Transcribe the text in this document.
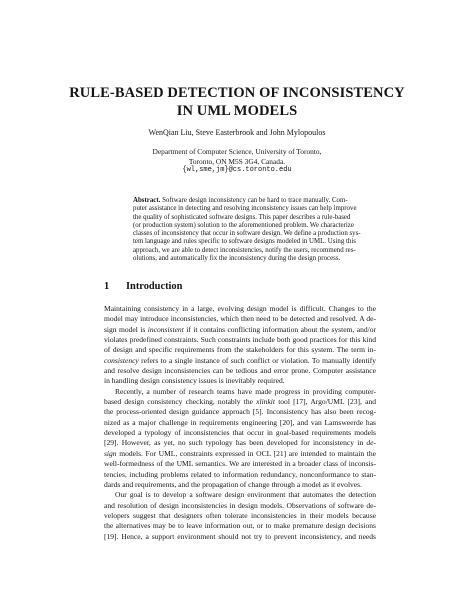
RULE-BASED DETECTION OF INCONSISTENCY
IN UML MODELS
WenQian Liu, Steve Easterbrook and John Mylopoulos
Department of Computer Science, University of Toronto,
Toronto, ON M5S 3G4, Canada.
{wl,sme,jm}@cs.toronto.edu
Abstract. Software design inconsistency can be hard to trace manually. Com-
puter assistance in detecting and resolving inconsistency issues can help improve
the quality of sophisticated software designs. This paper describes a rule-based
(or production system) solution to the aforementioned problem. We characterize
classes of inconsistency that occur in software design. We define a production sys-
tem language and rules specific to software designs modeled in UML. Using this
approach, we are able to detect inconsistencies, notify the users, recommend res-
olutions, and automatically fix the inconsistency during the design process.
1 Introduction
Maintaining consistency in a large, evolving design model is difficult. Changes to the
model may introduce inconsistencies, which then need to be detected and resolved. A de-
sign model is inconsistent if it contains conflicting information about the system, and/or
violates predefined constraints. Such constraints include both good practices for this kind
of design and specific requirements from the stakeholders for this system. The term in-
consistency refers to a single instance of such conflict or violation. To manually identify
and resolve design inconsistencies can be tedious and error prone. Computer assistance
in handling design consistency issues is inevitably required.
Recently, a number of research teams have made progress in providing computer-
based design consistency checking, notably the xlinkit tool [17], Argo/UML [23], and
the process-oriented design guidance approach [5]. Inconsistency has also been recog-
nized as a major challenge in requirements engineering [20], and van Lamsweerde has
developed a typology of inconsistencies that occur in goal-based requirements models
[29]. However, as yet, no such typology has been developed for inconsistency in de-
sign models. For UML, constraints expressed in OCL [21] are intended to maintain the
well-formedness of the UML semantics. We are interested in a broader class of inconsis-
tencies, including problems related to information redundancy, nonconformance to stan-
dards and requirements, and the propagation of change through a model as it evolves.
Our goal is to develop a software design environment that automates the detection
and resolution of design inconsistencies in design models. Observations of software de-
velopers suggest that designers often tolerate inconsistencies in their models because
the alternatives may be to leave information out, or to make premature design decisions
[19]. Hence, a support environment should not try to prevent inconsistency, and needs
